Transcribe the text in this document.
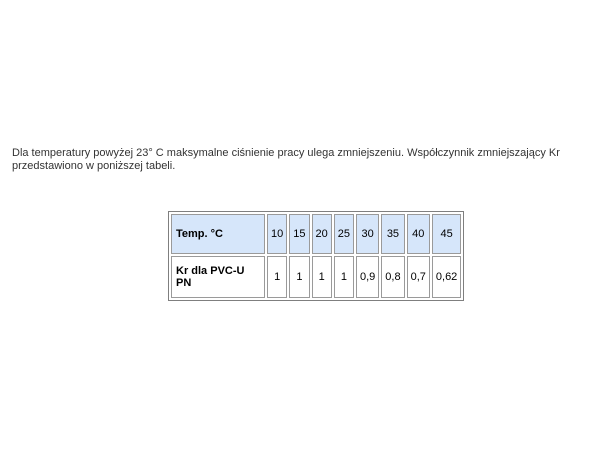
Dla temperatury powyżej 23° C maksymalne ciśnienie pracy ulega zmniejszeniu. Współczynnik zmniejszający Kr
przedstawiono w poniższej tabeli.

Temp. °C	10	15	20	25	30	35	40	45
Kr dla PVC-U PN	1	1	1	1	0,9	0,8	0,7	0,62
